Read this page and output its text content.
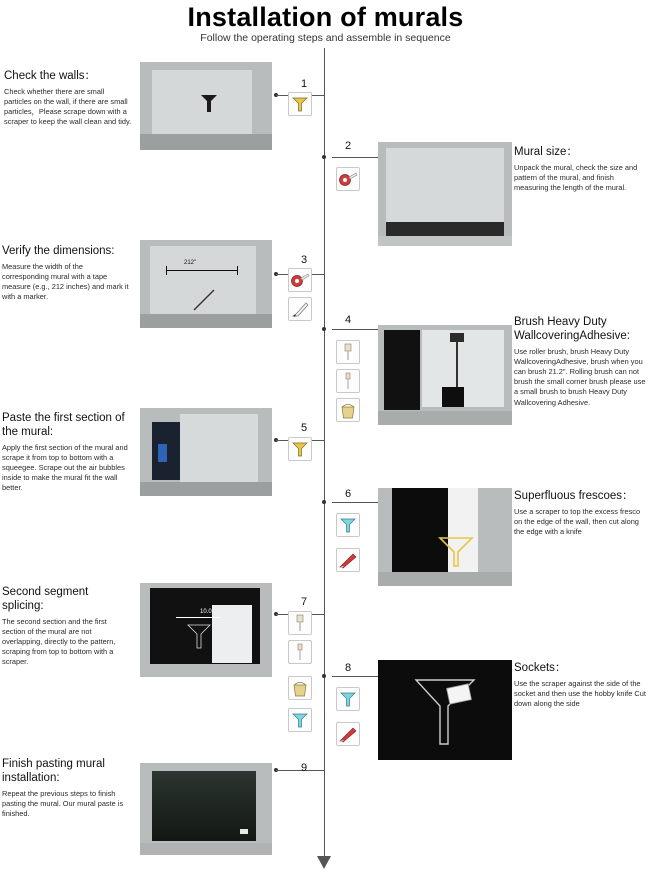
Installation of murals
Follow the operating steps and assemble in sequence
Check the walls：
Check whether there are small particles on the wall, if there are small particles，Please scrape down with a scraper to keep the wall clean and tidy.
1
2	Mural size：
Unpack the mural, check the size and pattern of the mural, and finish measuring the length of the mural.
Verify the dimensions:
Measure the width of the corresponding mural with a tape measure (e.g., 212 inches) and mark it with a marker.
212"	3
4	Brush Heavy Duty WallcoveringAdhesive:
Use roller brush, brush Heavy Duty WallcoveringAdhesive, brush when you can brush 21.2". Rolling brush can not brush the small corner brush please use a small brush to brush Heavy Duty Wallcovering Adhesive.
Paste the first section of the mural:
Apply the first section of the mural and scrape it from top to bottom with a squeegee. Scrape out the air bubbles inside to make the mural fit the wall better.
5
6	Superfluous frescoes：
Use a scraper to top the excess fresco on the edge of the wall, then cut along the edge with a knife
Second segment splicing:
The second section and the first section of the mural are not overlapping, directly to the pattern, scraping from top to bottom with a scraper.
10.0
7
8	Sockets：
Use the scraper against the side of the socket and then use the hobby knife Cut down along the side
Finish pasting mural installation:
Repeat the previous steps to finish pasting the mural. Our mural paste is finished.
9
